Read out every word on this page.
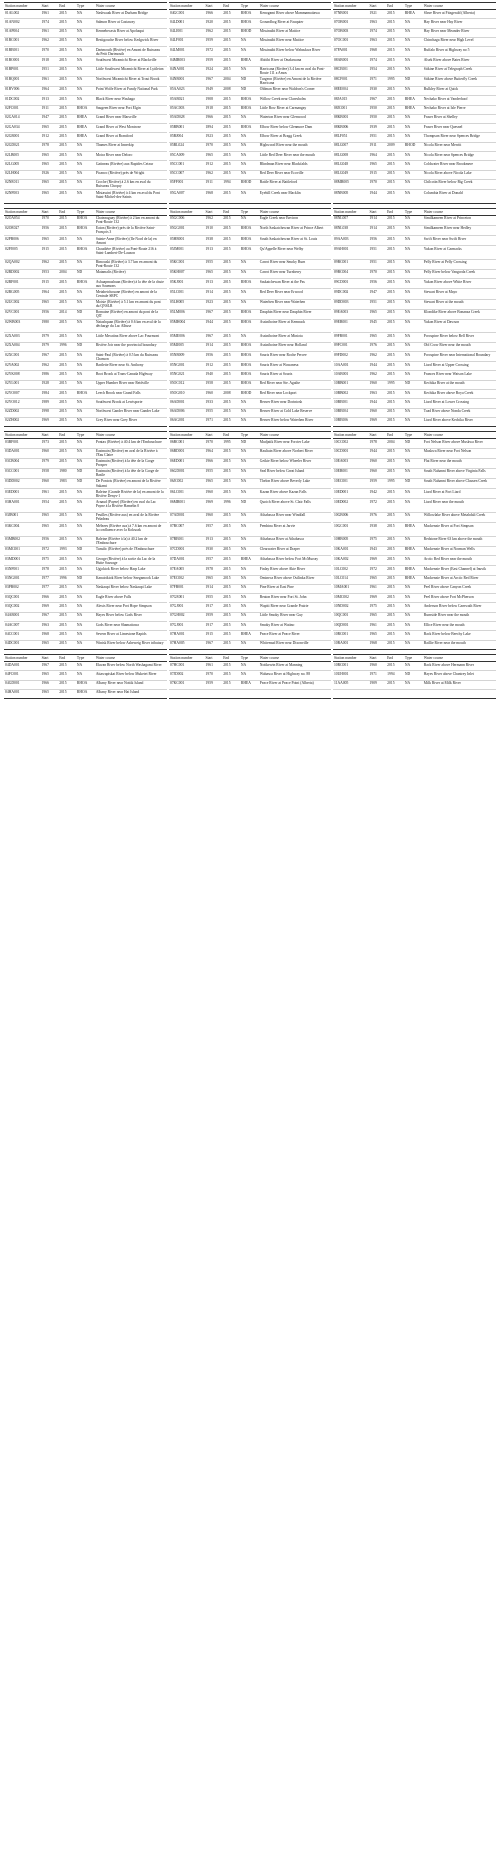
Station number	Start	End	Type	Water course	Station number	Start	End	Type	Water course	Station number	Start	End	Type	Water course
01AL002	1961	2015	NA	Nashwaak River at Durham Bridge	04GC001	1966	2015	RHOA	Kenogami River above Mammamattawa	07NB001	1921	2015	RHEA	Slave River at Fitzgerald (Alberta)
01AN002	1974	2015	NA	Salmon River at Castaway	04LD001	1920	2015	RHOA	Groundhog River at Fauquier	07OB001	1963	2015	NA	Hay River near Hay River
01AP004	1961	2015	NA	Kennebecasis River at Apohaqui	04LJ001	1962	2015	RHOD	Missinaibi River at Mattice	07OB003	1974	2015	NA	Hay River near Meander River
01BC001	1962	2015	NA	Restigouche River below Kedgwick River	04LF001	1959	2015	NA	Missinaibi River near Mattice	07OC001	1963	2015	NA	Chinchaga River near High Level
01BE001	1970	2015	NA	Dartmouth (Rivière) en Amont de Ruisseau du Petit Dartmouth	04LM001	1972	2015	NA	Missinaibi River below Wabaskwa River	07PA001	1968	2015	NA	Buffalo River at Highway no 5
01BO001	1918	2015	NA	Southwest Miramichi River at Blackville	04MB003	1959	2015	RHEA	Abitibi River at Onakawana	08AB001	1974	2015	NA	Alsek River above Bates River
01BP001	1951	2015	NA	Little Southwest Miramichi River at Lyttleton	04NA001	1924	2015	NA	Harricana (Rivière) 3.4 km en aval du Pont-Route 111 a Amos	08CE001	1954	2015	NA	Stikine River at Telegraph Creek
01BQ001	1961	2015	NA	Northwest Miramichi River at Trout Brook	04NB001	1967	2004	ND	Turgeon (Rivière) en Amont de la Rivière Harricana	08CF001	1971	1995	ND	Stikine River above Butterfly Creek
01BV006	1964	2015	NA	Point Wolfe River at Fundy National Park	05AA023	1949	2008	ND	Oldman River near Waldron's Corner	08EE004	1930	2015	NA	Bulkley River at Quick
01DC002	1913	2015	NA	Black River near Washago	05AB021	1908	2015	RHOA	Willow Creek near Claresholm	08JA015	1967	2015	RHEA	Nechako River at Vanderhoof
02FC001	1911	2015	RHOA	Saugeen River near Port Elgin	05AC003	1918	2015	RHOA	Little Bow River at Carmangay	08JC001	1950	2015	RHEA	Nechako River at Isle Pierre
02GA014	1947	2015	RHEA	Grand River near Marsville	05AD028	1966	2015	NA	Waterton River near Glenwood	08KB001	1950	2015	NA	Fraser River at Shelley
02GA034	1965	2015	RHEA	Grand River at West Montrose	05BB001	1894	2015	RHOA	Elbow River below Glenmore Dam	08KB006	1939	2015	NA	Fraser River near Quesnel
02GB001	1912	2015	RHEA	Grand River at Brantford	05BJ004	1923	2015	NA	Elbow River at Bragg Creek	08LF051	1951	2015	NA	Thompson River near Spences Bridge
02GD021	1978	2015	NA	Thames River at Innerkip	05BL024	1970	2015	NA	Highwood River near the mouth	08LG007	1911	2009	RHOD	Nicola River near Merritt
02LB005	1965	2015	NA	Moira River near Deloro	05CA009	1965	2015	NA	Little Red Deer River near the mouth	08LG008	1964	2015	NA	Nicola River near Spences Bridge
02LG005	1965	2015	NA	Gatineau (Rivière) aux Rapides Ceizur	05CC001	1912	2015	NA	Blindman River near Blackfalds	08LG048	1965	2015	NA	Coldwater River near Brookmere
02LH004	1926	2015	NA	Picanoc (Rivière) près de Wright	05CC007	1962	2015	NA	Red Deer River near Ecoville	08LG049	1915	2015	NA	Nicola River above Nicola Lake
02NE011	1965	2015	NA	Croche (Rivière) à 2.6 km en aval du Ruisseau Choquy	05FF001	1911	1994	RHOD	Battle River at Battleford	08MB005	1970	2015	NA	Chilcotin River below Big Creek
02NF003	1965	2015	NA	Mistassini (Rivière) à 4 km en aval du Pont Saint-Michel-des-Saints	05GA007	1968	2015	NA	Eyehill Creek near Macklin	08NB005	1944	2015	NA	Columbia River at Donald
Station number	Start	End	Type	Water course	Station number	Start	End	Type	Water course	Station number	Start	End	Type	Water course
02OA054	1970	2015	RHOA	Chateauguay (Rivière) à 2 km en amont du Pont-Route 132	05GC006	1962	2015	NA	Eagle Creek near Environ	08NL007	1914	2015	NA	Similkameen River at Princeton
02OE027	1956	2015	RHOA	Eaton (Rivière) près de la Rivière Saint-François 3	05GG001	1910	2015	RHOA	North Saskatchewan River at Prince Albert	08NL038	1914	2015	NA	Similkameen River near Hedley
02PB006	1965	2015	NA	Sainte-Anne (Rivière) (Ile Nord de la) en Amont	05HB001	1938	2015	RHOA	South Saskatchewan River at St. Louis	09AA003	1956	2015	NA	Swift River near Swift River
02PJ005	1915	2015	RHOA	Chaudière (Rivière) au Pont-Route 216 à Saint-Lambert-De-Lauzon	05JM001	1913	2015	RHOA	Qu'Appelle River near Welby	09AH001	1951	2015	NA	Yukon River at Carmacks
02QA002	1962	2015	NA	Rimouski (Rivière) à 3.7 km en amont du Pont-Route 132	05KC001	1955	2015	NA	Carrot River near Smoky Burn	09BC001	1951	2015	NA	Pelly River at Pelly Crossing
02RD002	1953	2004	ND	Matamalis (Rivière)	05KH007	1965	2015	NA	Carrot River near Turnberry	09BC004	1970	2015	NA	Pelly River below Vangorda Creek
02RF001	1915	2015	RHOA	Ashuapmushuan (Rivière) à la tête de la chute aux Saumons	05KJ001	1913	2015	RHOA	Saskatchewan River at the Pas	09CD001	1956	2015	NA	Yukon River above White River
02RG005	1964	2015	NA	Metabetchouane (Rivière) en amont de la Centrale SRPC	05LC001	1914	2015	NA	Red Deer River near Erwood	09DC002	1947	2015	NA	Stewart River at Mayo
02UC002	1965	2015	NA	Moisie (Rivière) à 5.1 km en amont du pont du QNSLR	05LH005	1923	2015	NA	Waterhen River near Waterhen	09DD003	1951	2015	NA	Stewart River at the mouth
02VC001	1956	2014	ND	Romaine (Rivière) en amont du pont de la QIT	05LM006	1967	2015	RHOA	Dauphin River near Dauphin River	09EA003	1965	2015	NA	Klondike River above Bonanza Creek
02WB003	1980	2015	NA	Natashquan (Rivière) à 0.6 km en aval de la décharge du Lac Alhuse	05MH004	1944	2015	RHOA	Assiniboine River at Kemnack	09EB001	1945	2015	NA	Yukon River at Dawson
02XA003	1979	2015	NA	Little Mecatina River above Lac Fourmont	05ME006	1967	2015	NA	Assiniboine River at Miniota	09FB001	1965	2015	NA	Porcupine River below Bell River
02XA004	1979	1996	ND	Rivière Joir near the provincial boundary	05MJ005	1914	2015	RHOA	Assiniboine River near Holland	09FC001	1976	2015	NA	Old Crow River near the mouth
02XC001	1967	2015	NA	Saint-Paul (Rivière) à 0.5 km du Ruisseau Chanson	05NB009	1956	2015	RHOA	Souris River near Roche Percee	09FD002	1962	2015	NA	Porcupine River near International Boundary
02YA002	1962	2015	NA	Bartlette River near St. Anthony	05NG001	1912	2015	RHOA	Souris River at Wawanesa	10AA001	1944	2015	NA	Liard River at Upper Crossing
02YK008	1986	2015	NA	Boot Brook at Trans-Canada Highway	05NG021	1940	2015	RHOA	Souris River at Souris	10AB001	1962	2015	NA	Frances River near Watson Lake
02YL001	1928	2015	NA	Upper Humber River near Reidville	05OC012	1958	2015	RHOA	Red River near Ste. Agathe	10BB001	1960	1995	ND	Kechika River at the mouth
02YO007	1984	2015	RHOA	Leech Brook near Grand Falls	05OG010	1960	2008	RHOD	Red River near Lockport	10BB002	1963	2015	NA	Kechika River above Boya Creek
02YO012	1989	2015	NA	Southwest Brook at Lewisporte	06AD001	1933	2015	NA	Beaver River near Dorintosh	10BE001	1944	2015	NA	Liard River at Lower Crossing
02ZD002	1998	2015	NA	Northwest Gander River near Gander Lake	06AD006	1955	2015	NA	Beaver River at Cold Lake Reserve	10BE004	1960	2015	NA	Toad River above Nonda Creek
02ZH002	1969	2015	NA	Grey River near Grey River	06AG001	1971	2015	NA	Beaver River below Waterhen River	10BE006	1969	2015	NA	Liard River above Kechika River
Station number	Start	End	Type	Water course	Station number	Start	End	Type	Water course	Station number	Start	End	Type	Water course
03BF001	1973	2015	NA	Pontax (Rivière) à 40.4 km de l'Embouchure	06BC001	1970	1995	ND	Mudjatik River near Forcier Lake	10CC002	1978	2004	ND	Fort Nelson River above Muskwa River
03DA001	1960	2015	NA	Eastmain (Rivière) en aval de la Rivière à l'Eau Claire	06BD001	1964	2015	NA	Haultain River above Norbert River	10CD001	1944	2015	NA	Muskwa River near Fort Nelson
03CB004	1979	2015	NA	Eastmain (Rivière) à la tête de la Gorge Prosper	06ED001	1966	2015	NA	Geikie River below Wheeler River	10EA003	1960	2015	NA	Flat River near the mouth
03CC001	1958	1980	ND	Eastmain (Rivière) à la tête de la Gorge de Basile	06GD001	1955	2015	NA	Seal River below Great Island	10EB001	1960	2015	NA	South Nahanni River above Virginia Falls
03DD002	1960	1983	ND	De Pontois (Rivière) en amont de la Rivière Sakami	06JC002	1965	2015	NA	Thelon River above Beverly Lake	10EC001	1959	1995	ND	South Nahanni River above Clausen Creek
03ED001	1961	2015	NA	Baleine (Grande Rivière de la) en amont de la Rivière Denys-1	06LC001	1960	2015	NA	Kazan River above Kazan Falls	10ED001	1942	2015	NA	Liard River at Fort Liard
03HA001	1954	2015	NA	Arnaud (Payne) (Rivière) en aval du Lac Payne à la Rivière Hamelin 0	06MB001	1969	1996	ND	Quoich River above St. Clair Falls	10ED002	1972	2015	NA	Liard River near the mouth
03JB001	1965	2015	NA	Feuilles (Rivière aux) en aval de la Rivière Peladeau	07AD001	1960	2015	NA	Athabasca River near Windfall	10GB006	1976	2015	NA	Willowlake River above Metahdali Creek
03KC004	1965	2015	NA	Mélezes (Rivière aux) à 7.6 km en amont de la confluence avec la Koksoak	07BC007	1957	2015	NA	Pembina River at Jarvie	10GC001	1938	2015	RHEA	Mackenzie River at Fort Simpson
03MB002	1956	2015	NA	Baleine (Rivière à la) à 40.2 km de l'Embouchure	07BE001	1913	2015	NA	Athabasca River at Athabasca	10HB005	1975	2015	NA	Redstone River 63 km above the mouth
03MC001	1972	1993	ND	Tunulic (Rivière) près de l'Embouchure	07CD001	1930	2015	NA	Clearwater River at Draper	10KA001	1943	2015	RHEA	Mackenzie River at Norman Wells
03MD001	1975	2015	NA	George (Rivière) à la sortie du Lac de la Hutte Sauvage	07DA001	1957	2015	RHEA	Athabasca River below Fort McMurray	10KA002	1969	2015	NA	Arctic Red River near the mouth
03NF001	1978	2015	NA	Ugjoktok River below Harp Lake	07EA005	1978	2015	NA	Finlay River above Akie River	10LC002	1972	2015	RHEA	Mackenzie River (East Channel) at Inuvik
03NG001	1977	1996	ND	Kanairiktok River below Snegamook Lake	07EC002	1965	2015	NA	Omineca River above Osilinka River	10LC014	1965	2015	RHEA	Mackenzie River at Arctic Red River
03PB002	1977	2015	NA	Naskaupi River below Naskaupi Lake	07FB001	1914	2015	NA	Pine River at East Pine	10MA001	1961	2015	NA	Peel River above Canyon Creek
03QC001	1966	2015	NA	Eagle River above Falls	07GE001	1955	2015	NA	Beaton River near Fort St. John	10MC002	1969	2015	NA	Peel River above Fort McPherson
03QC002	1969	2015	NA	Alexis River near Port Hope Simpson	07GJ001	1917	2015	NA	Wapiti River near Grande Prairie	10ND002	1975	2015	NA	Anderson River below Carnwath River
04AB001	1967	2015	NA	Hayes River below Gods River	07GH002	1959	2015	NA	Little Smoky River near Guy	10QC001	1965	2015	NA	Burnside River near the mouth
04AC007	1963	2015	NA	Gods River near Shamattawa	07GJ001	1917	2015	NA	Smoky River at Watino	10QD001	1961	2015	NA	Ellice River near the mouth
04CC001	1968	2015	NA	Severn River at Limestone Rapids	07HA001	1915	2015	RHEA	Peace River at Peace River	10RC001	1965	2015	NA	Back River below Beechy Lake
04DC001	1965	2015	NA	Winisk River below Asheweig River tributary	07HA005	1967	2015	NA	Whitemud River near Dixonville	10RA001	1968	2015	NA	Baillie River near the mouth
Station number	Start	End	Type	Water course	Station number	Start	End	Type	Water course	Station number	Start	End	Type	Water course
04DA001	1967	2015	NA	Ekwan River below North Washagami River	07HC001	1961	2015	NA	Notikewin River at Manning	10RC001	1960	2015	NA	Back River above Hermann River
04FC001	1965	2015	NA	Attawapiskat River below Muketei River	07JD002	1970	2015	NA	Wabasca River at Highway no. 88	10UH001	1971	1994	ND	Hayes River above Chantrey Inlet
04GD001	1966	2015	RHOA	Albany River near Nottik Island	07KC001	1959	2015	RHEA	Peace River at Peace Point (Alberta)	11AA005	1909	2015	NA	Milk River at Milk River
04HA001	1965	2015	RHOA	Albany River near Hat Island										
